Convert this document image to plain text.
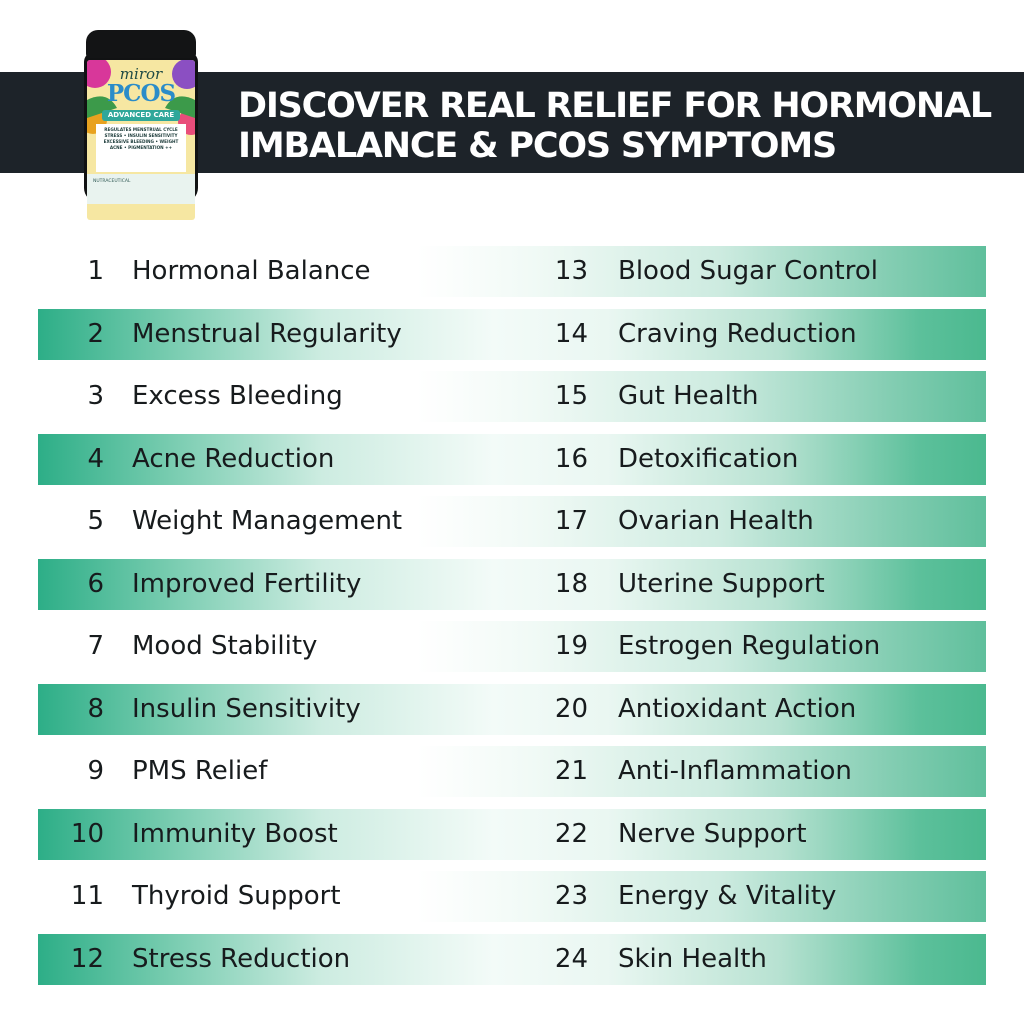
DISCOVER REAL RELIEF FOR HORMONAL
IMBALANCE & PCOS SYMPTOMS
miror
PCOS
ADVANCED CARE
REGULATES MENSTRUAL CYCLE
STRESS • INSULIN SENSITIVITY
EXCESSIVE BLEEDING • WEIGHT
ACNE • PIGMENTATION ++
NUTRACEUTICAL
1 Hormonal Balance	13 Blood Sugar Control
2 Menstrual Regularity	14 Craving Reduction
3 Excess Bleeding	15 Gut Health
4 Acne Reduction	16 Detoxification
5 Weight Management	17 Ovarian Health
6 Improved Fertility	18 Uterine Support
7 Mood Stability	19 Estrogen Regulation
8 Insulin Sensitivity	20 Antioxidant Action
9 PMS Relief	21 Anti-Inflammation
10 Immunity Boost	22 Nerve Support
11 Thyroid Support	23 Energy & Vitality
12 Stress Reduction	24 Skin Health
